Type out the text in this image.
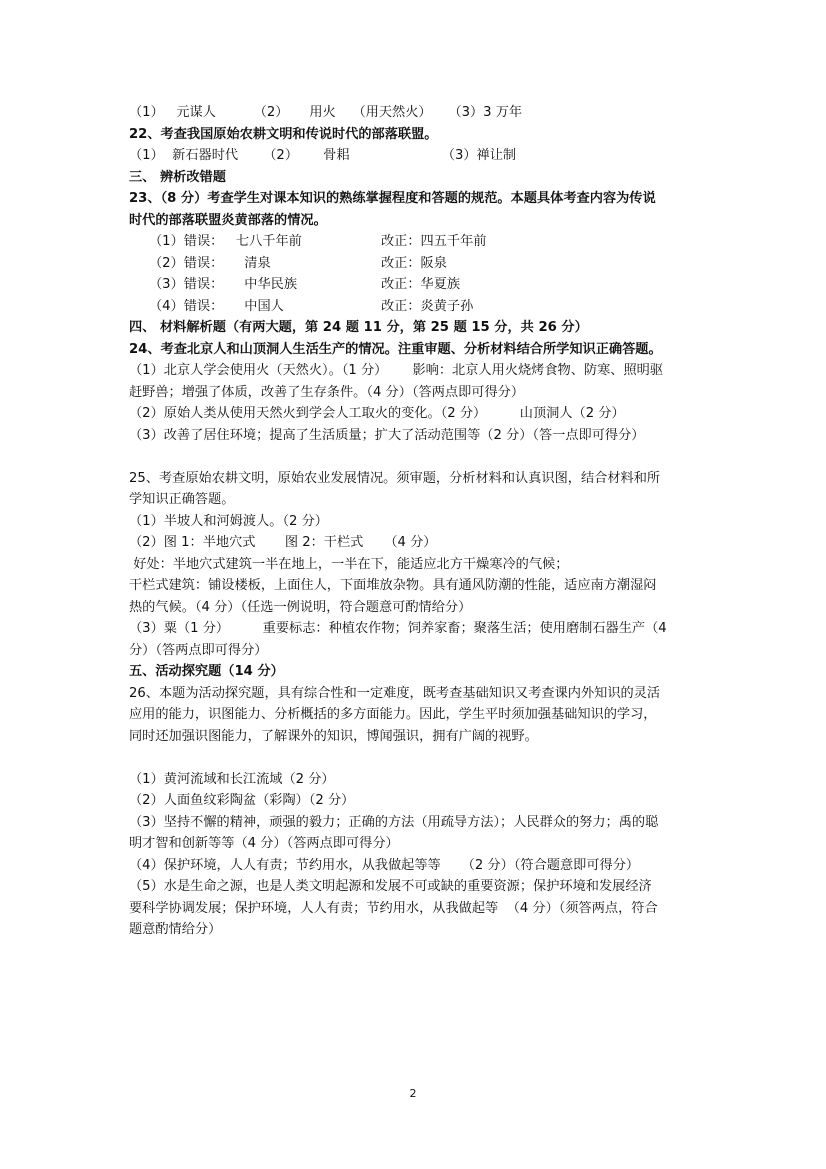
（1）   元谋人         （2）     用火    （用天然火）    （3）3 万年
22、考查我国原始农耕文明和传说时代的部落联盟。
（1）  新石器时代      （2）      骨耜                      （3）禅让制
三、 辨析改错题
23、（8 分）考查学生对课本知识的熟练掌握程度和答题的规范。本题具体考查内容为传说
时代的部落联盟炎黄部落的情况。
（1）错误：   七八千年前	改正：四五千年前
（2）错误：     清泉	改正：阪泉
（3）错误：     中华民族	改正：华夏族
（4）错误：     中国人	改正：炎黄子孙
四、 材料解析题（有两大题，第 24 题 11 分，第 25 题 15 分，共 26 分）
24、考查北京人和山顶洞人生活生产的情况。注重审题、分析材料结合所学知识正确答题。
（1）北京人学会使用火（天然火）。（1 分）      影响：北京人用火烧烤食物、防寒、照明驱
赶野兽；增强了体质，改善了生存条件。（4 分）（答两点即可得分）
（2）原始人类从使用天然火到学会人工取火的变化。（2 分）        山顶洞人（2 分）
（3）改善了居住环境；提高了生活质量；扩大了活动范围等（2 分）（答一点即可得分）
25、考查原始农耕文明，原始农业发展情况。须审题，分析材料和认真识图，结合材料和所
学知识正确答题。
（1）半坡人和河姆渡人。（2 分）
（2）图 1：半地穴式       图 2：干栏式     （4 分）
好处：半地穴式建筑一半在地上，一半在下，能适应北方干燥寒冷的气候；
干栏式建筑：铺设楼板，上面住人，下面堆放杂物。具有通风防潮的性能，适应南方潮湿闷
热的气候。（4 分）（任选一例说明，符合题意可酌情给分）
（3）粟（1 分）        重要标志：种植农作物；饲养家畜；聚落生活；使用磨制石器生产（4
分）（答两点即可得分）
五、活动探究题（14 分）
26、本题为活动探究题，具有综合性和一定难度，既考查基础知识又考查课内外知识的灵活
应用的能力，识图能力、分析概括的多方面能力。因此，学生平时须加强基础知识的学习，
同时还加强识图能力，了解课外的知识，博闻强识，拥有广阔的视野。
（1）黄河流域和长江流域（2 分）
（2）人面鱼纹彩陶盆（彩陶）（2 分）
（3）坚持不懈的精神，顽强的毅力；正确的方法（用疏导方法）；人民群众的努力；禹的聪
明才智和创新等等（4 分）（答两点即可得分）
（4）保护环境，人人有责；节约用水，从我做起等等     （2 分）（符合题意即可得分）
（5）水是生命之源，也是人类文明起源和发展不可或缺的重要资源；保护环境和发展经济
要科学协调发展；保护环境，人人有责；节约用水，从我做起等  （4 分）（须答两点，符合
题意酌情给分）
2
